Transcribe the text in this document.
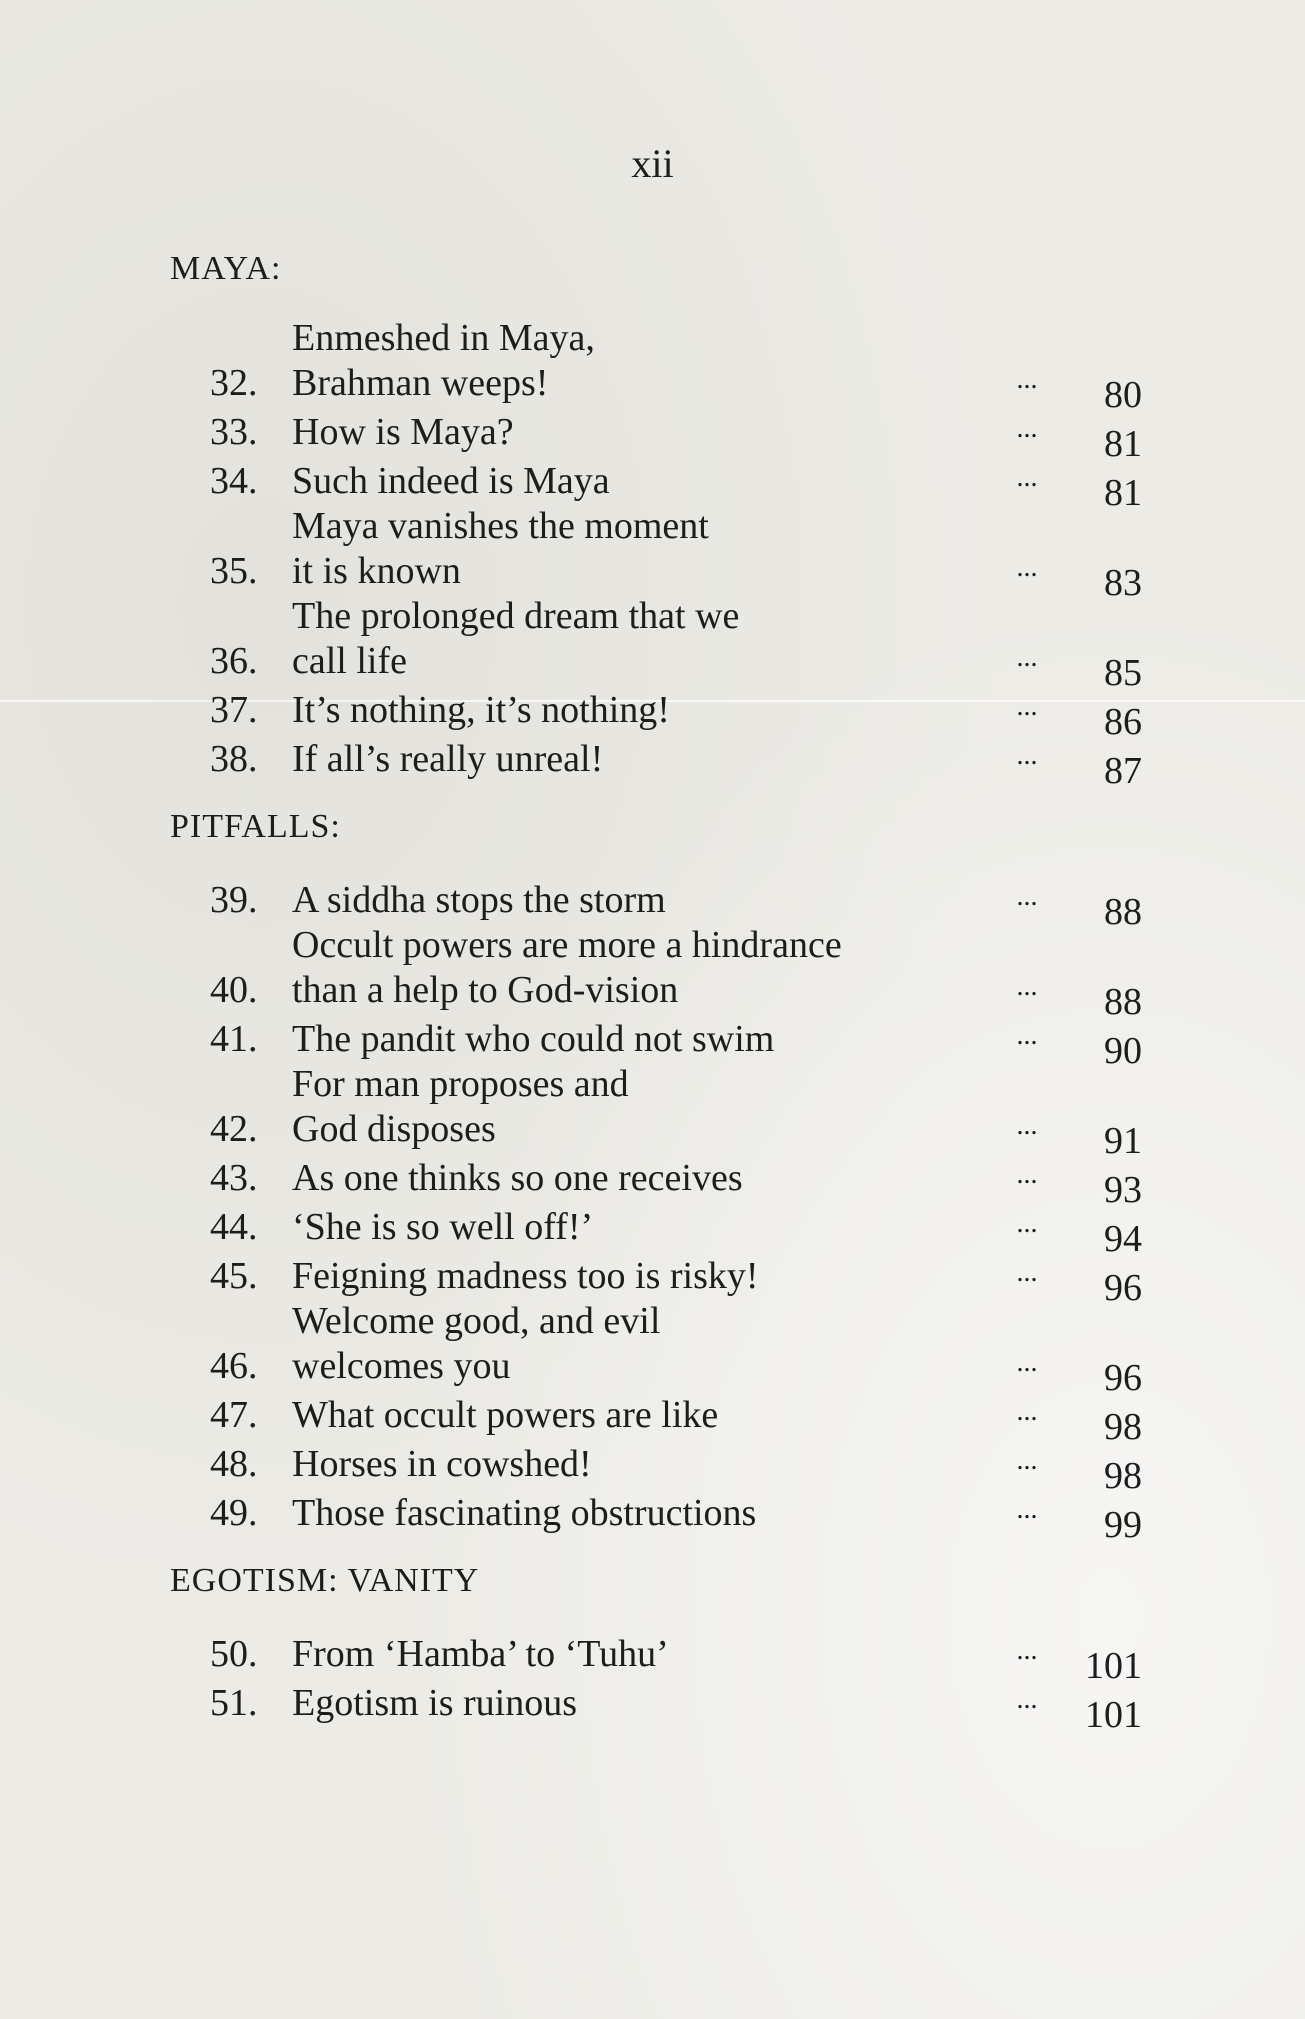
xii
MAYA:
32.
Enmeshed in Maya,
Brahman weeps!	...	80
33. How is Maya?	...	81
34. Such indeed is Maya	...	81
35.
Maya vanishes the moment
it is known	...	83
36.
The prolonged dream that we
call life	...	85
37. It’s nothing, it’s nothing!	...	86
38. If all’s really unreal!	...	87
PITFALLS:
39. A siddha stops the storm	...	88
40.
Occult powers are more a hindrance
than a help to God-vision	...	88
41. The pandit who could not swim	...	90
42.
For man proposes and
God disposes	...	91
43. As one thinks so one receives	...	93
44. ‘She is so well off!’	...	94
45. Feigning madness too is risky!	...	96
46.
Welcome good, and evil
welcomes you	...	96
47. What occult powers are like	...	98
48. Horses in cowshed!	...	98
49. Those fascinating obstructions	...	99
EGOTISM: VANITY
50. From ‘Hamba’ to ‘Tuhu’	...	101
51. Egotism is ruinous	...	101
